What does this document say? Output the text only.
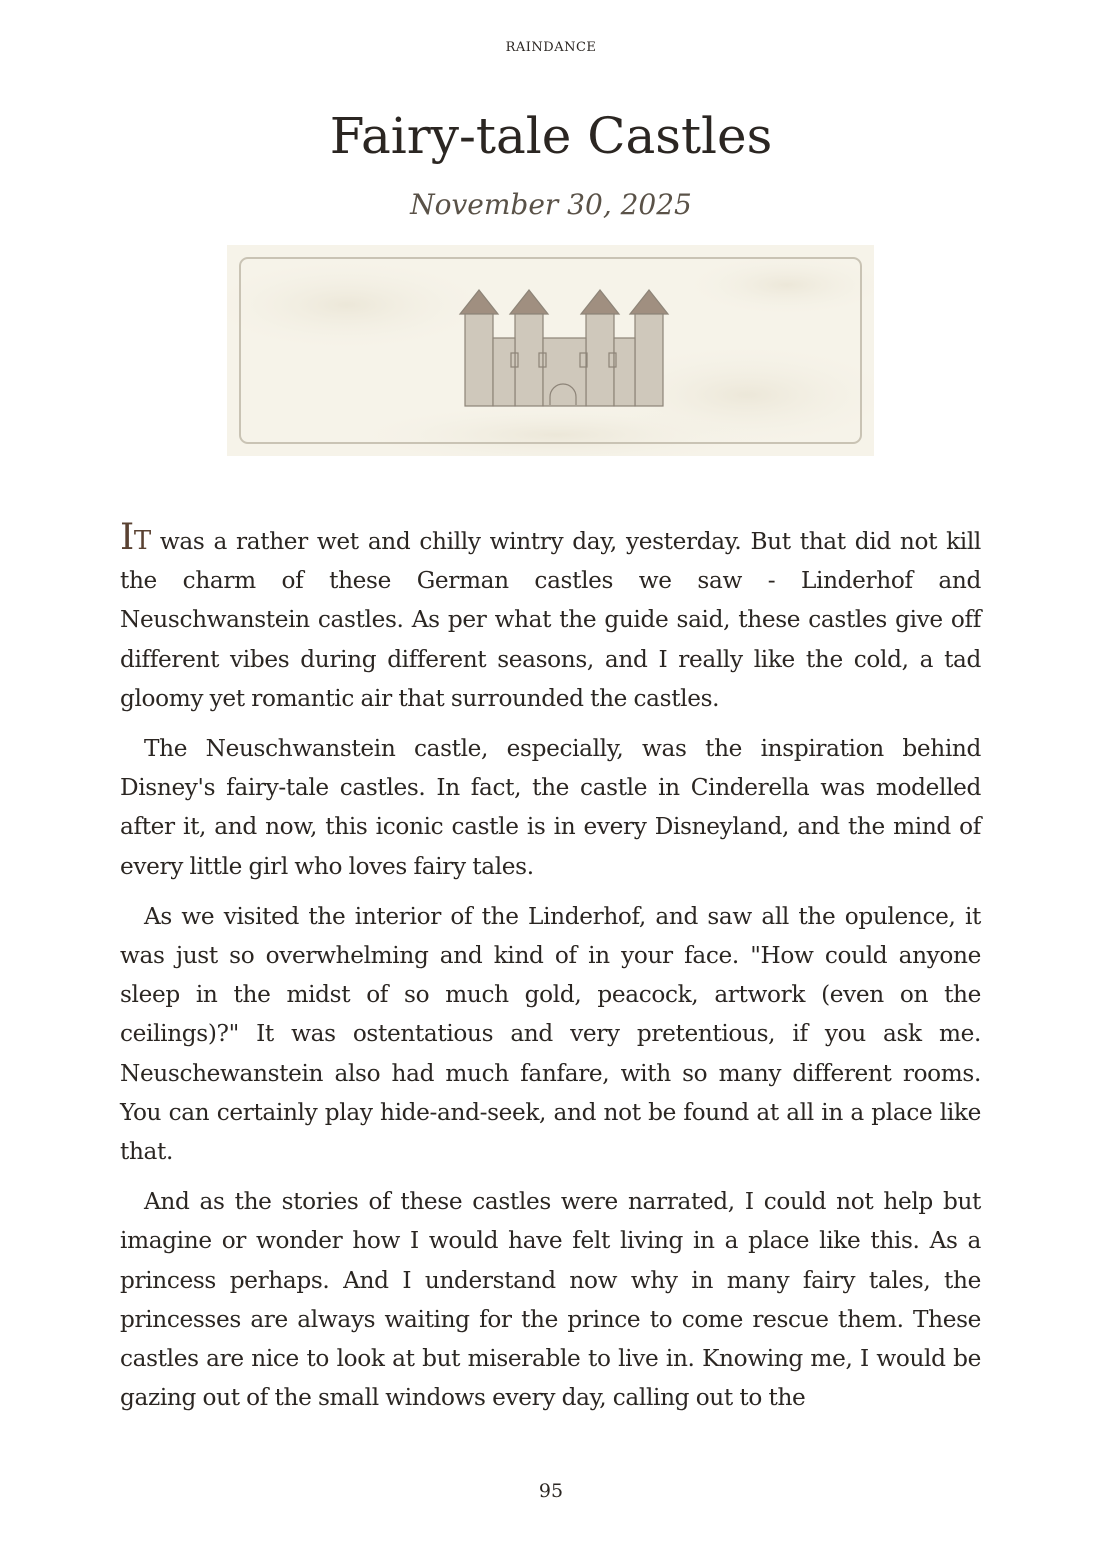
RAINDANCE
Fairy-tale Castles
November 30, 2025

IT was a rather wet and chilly wintry day, yesterday. But that did not kill the charm of these German castles we saw - Linderhof and Neuschwanstein castles. As per what the guide said, these castles give off different vibes during different seasons, and I really like the cold, a tad gloomy yet romantic air that surrounded the castles.

The Neuschwanstein castle, especially, was the inspiration behind Disney's fairy-tale castles. In fact, the castle in Cinderella was modelled after it, and now, this iconic castle is in every Disneyland, and the mind of every little girl who loves fairy tales.

As we visited the interior of the Linderhof, and saw all the opulence, it was just so overwhelming and kind of in your face. "How could anyone sleep in the midst of so much gold, peacock, artwork (even on the ceilings)?" It was ostentatious and very pretentious, if you ask me. Neuschewanstein also had much fanfare, with so many different rooms. You can certainly play hide-and-seek, and not be found at all in a place like that.

And as the stories of these castles were narrated, I could not help but imagine or wonder how I would have felt living in a place like this. As a princess perhaps. And I understand now why in many fairy tales, the princesses are always waiting for the prince to come rescue them. These castles are nice to look at but miserable to live in. Knowing me, I would be gazing out of the small windows every day, calling out to the

95
